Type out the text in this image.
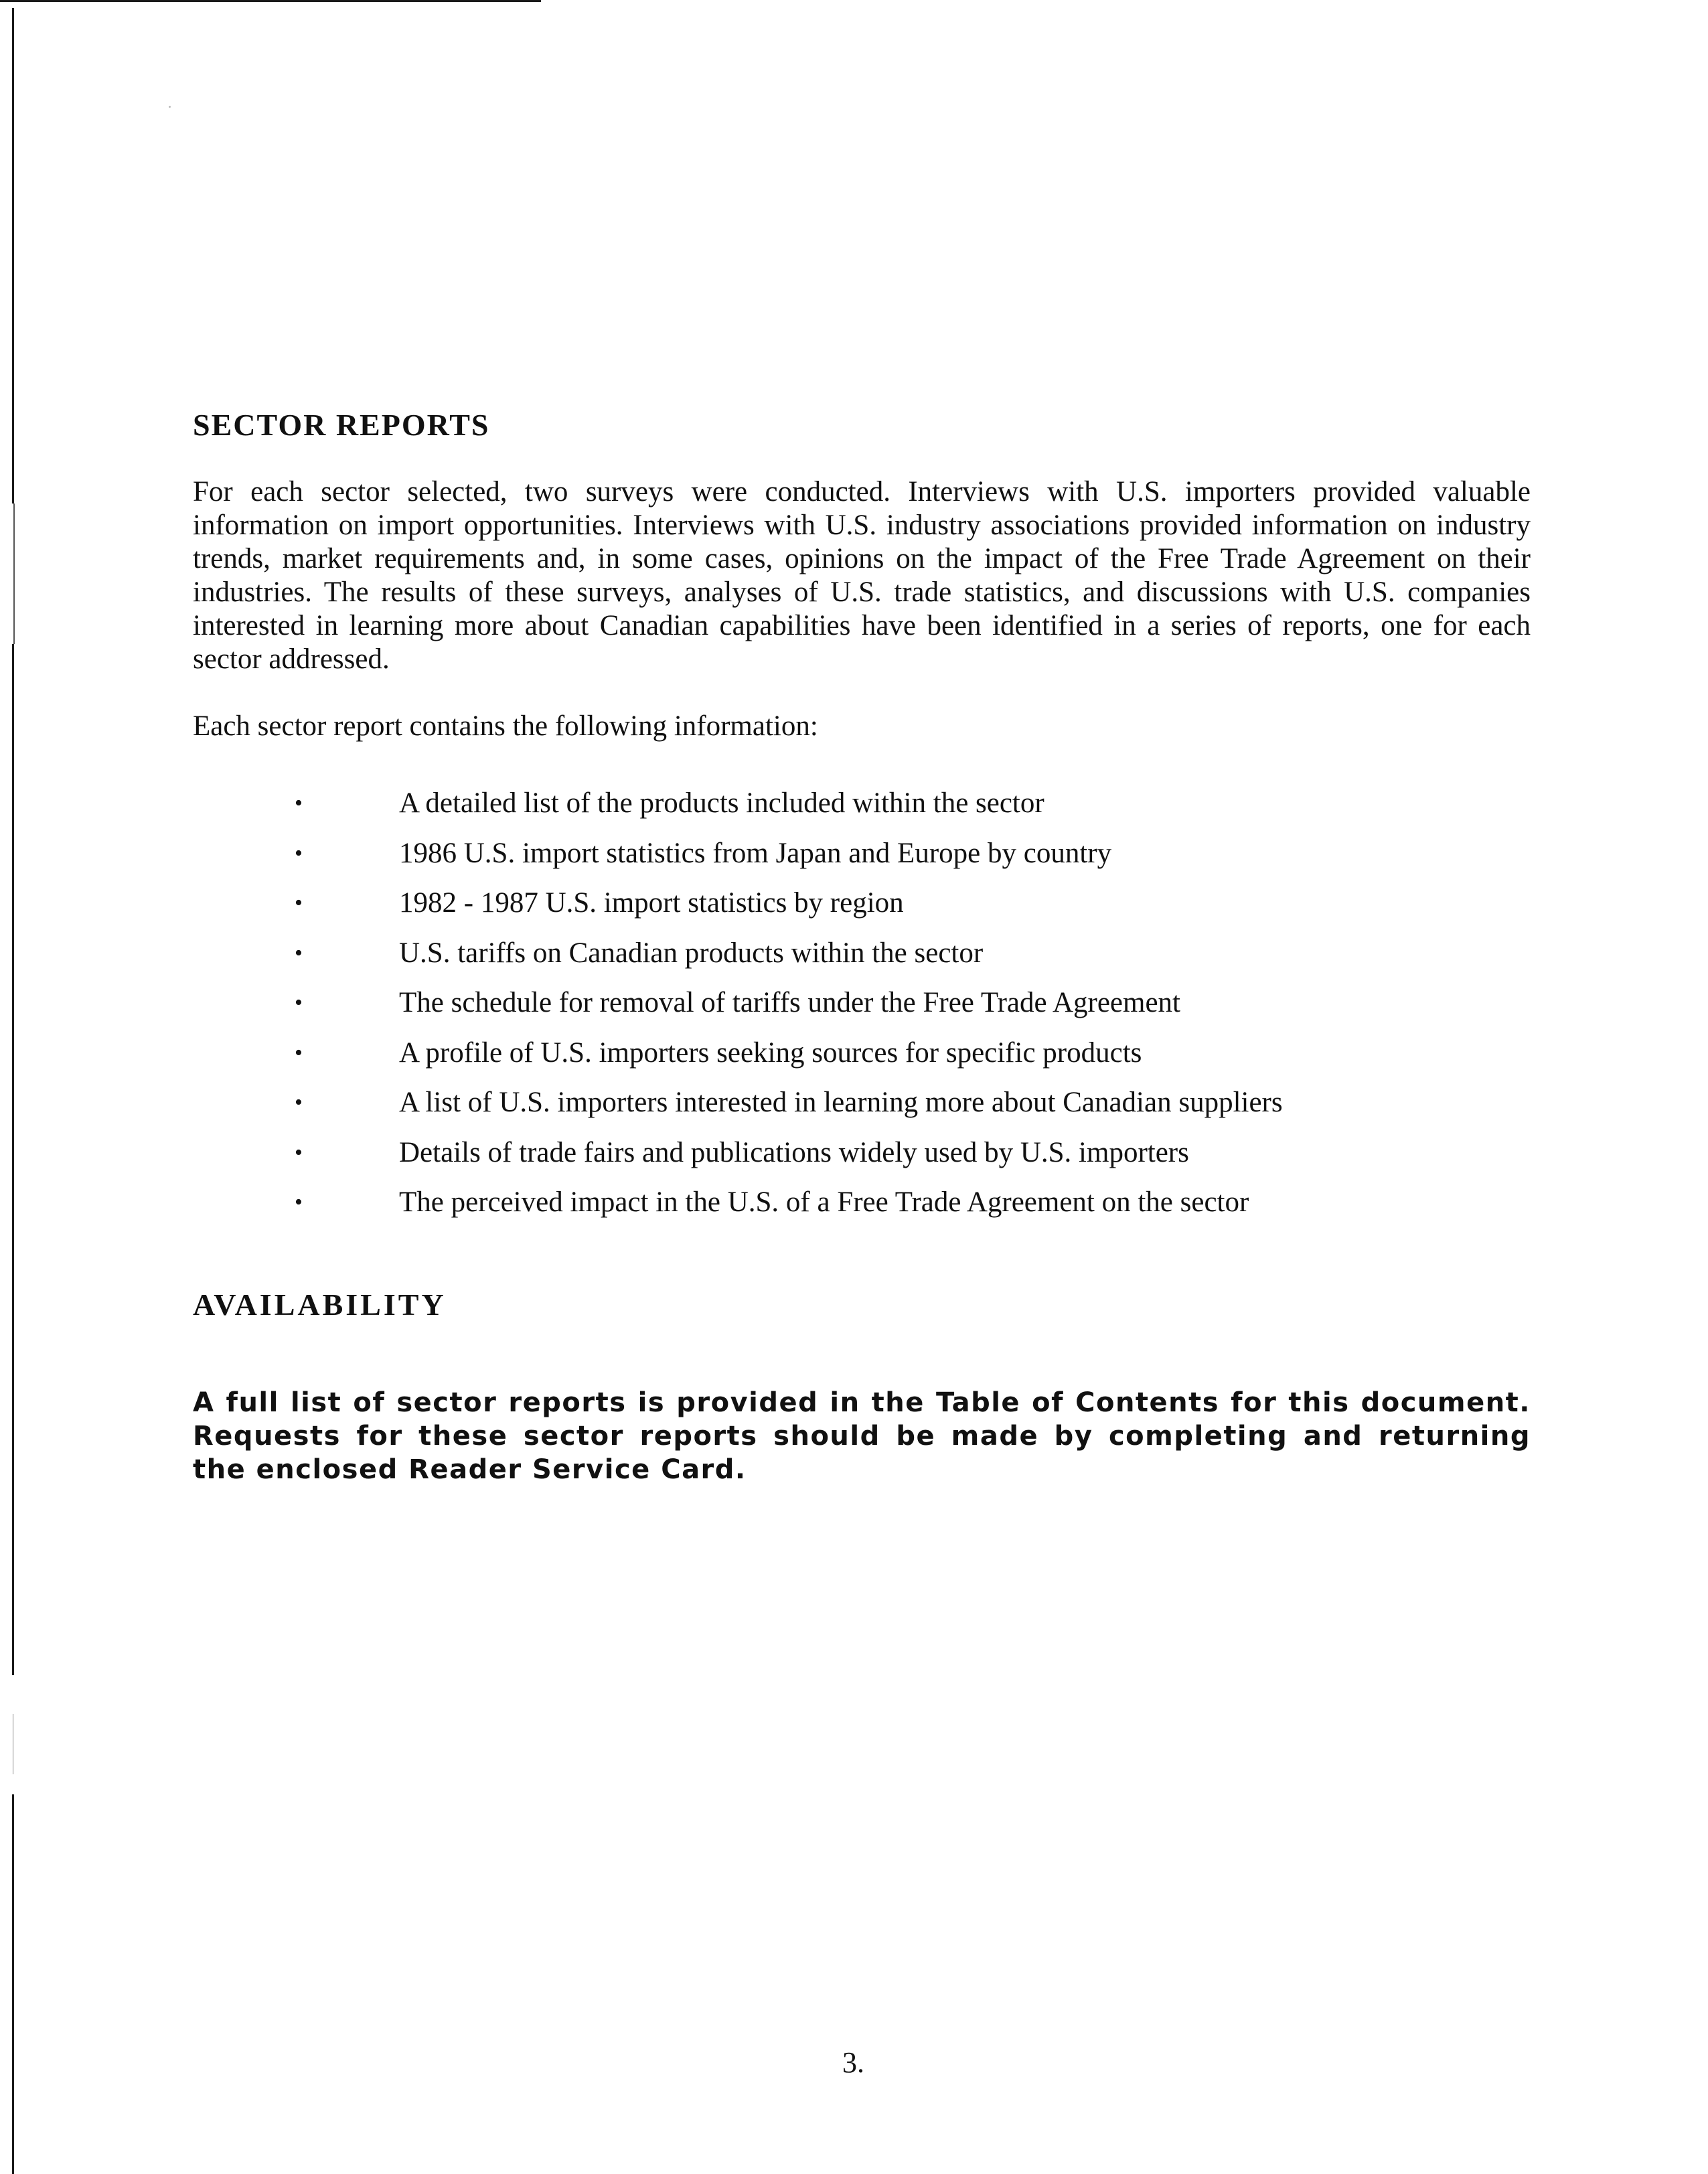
SECTOR REPORTS

For each sector selected, two surveys were conducted. Interviews with U.S. importers provided valuable information on import opportunities. Interviews with U.S. industry associations provided information on industry trends, market requirements and, in some cases, opinions on the impact of the Free Trade Agreement on their industries. The results of these surveys, analyses of U.S. trade statistics, and discussions with U.S. companies interested in learning more about Canadian capabilities have been identified in a series of reports, one for each sector addressed.

Each sector report contains the following information:

•	A detailed list of the products included within the sector
•	1986 U.S. import statistics from Japan and Europe by country
•	1982 - 1987 U.S. import statistics by region
•	U.S. tariffs on Canadian products within the sector
•	The schedule for removal of tariffs under the Free Trade Agreement
•	A profile of U.S. importers seeking sources for specific products
•	A list of U.S. importers interested in learning more about Canadian suppliers
•	Details of trade fairs and publications widely used by U.S. importers
•	The perceived impact in the U.S. of a Free Trade Agreement on the sector
AVAILABILITY

A full list of sector reports is provided in the Table of Contents for this document. Requests for these sector reports should be made by completing and returning the enclosed Reader Service Card.

3.
